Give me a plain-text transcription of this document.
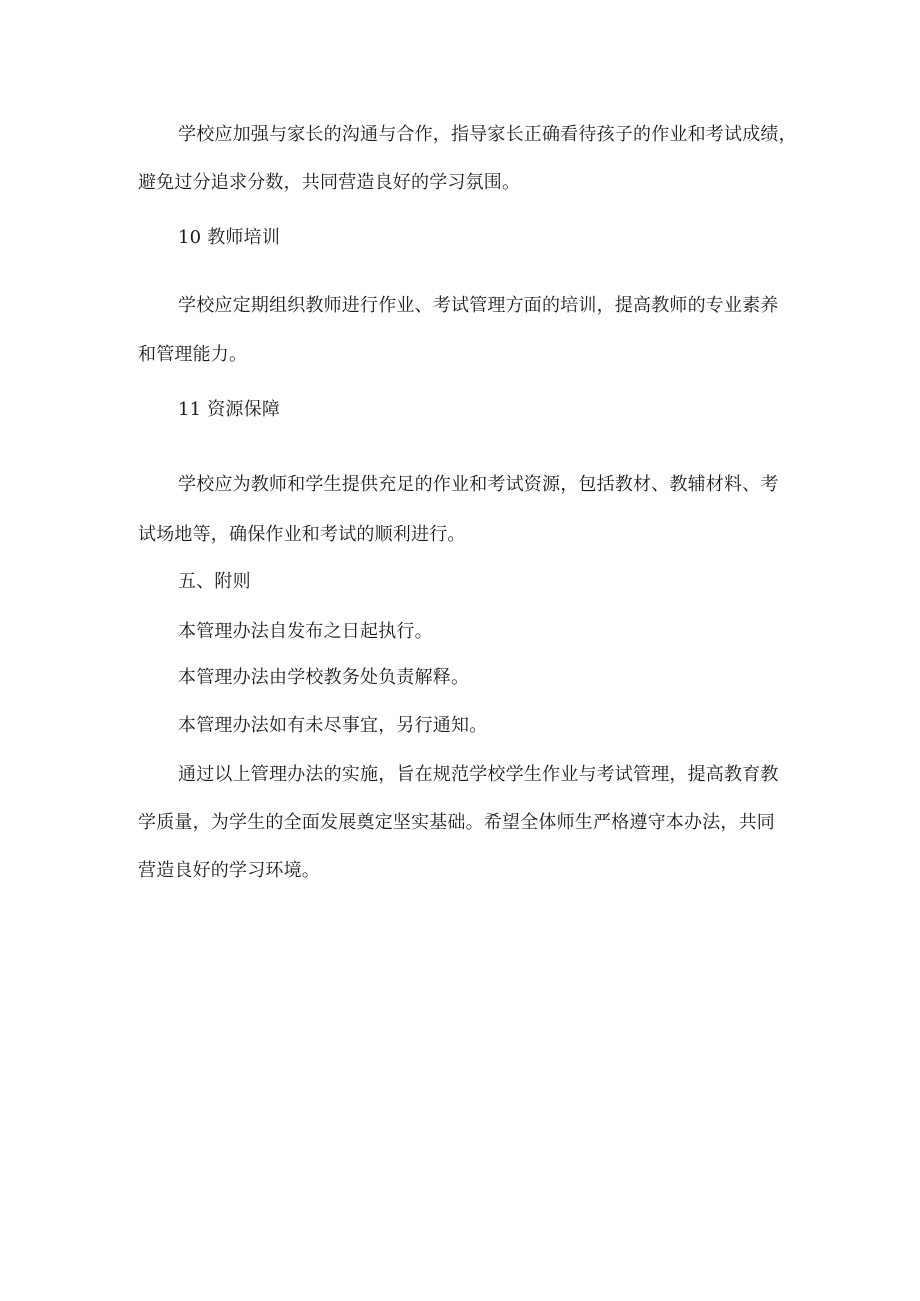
学校应加强与家长的沟通与合作，指导家长正确看待孩子的作业和考试成绩，
避免过分追求分数，共同营造良好的学习氛围。
10 教师培训
学校应定期组织教师进行作业、考试管理方面的培训，提高教师的专业素养
和管理能力。
11 资源保障
学校应为教师和学生提供充足的作业和考试资源，包括教材、教辅材料、考
试场地等，确保作业和考试的顺利进行。
五、附则
本管理办法自发布之日起执行。
本管理办法由学校教务处负责解释。
本管理办法如有未尽事宜，另行通知。
通过以上管理办法的实施，旨在规范学校学生作业与考试管理，提高教育教
学质量，为学生的全面发展奠定坚实基础。希望全体师生严格遵守本办法，共同
营造良好的学习环境。
